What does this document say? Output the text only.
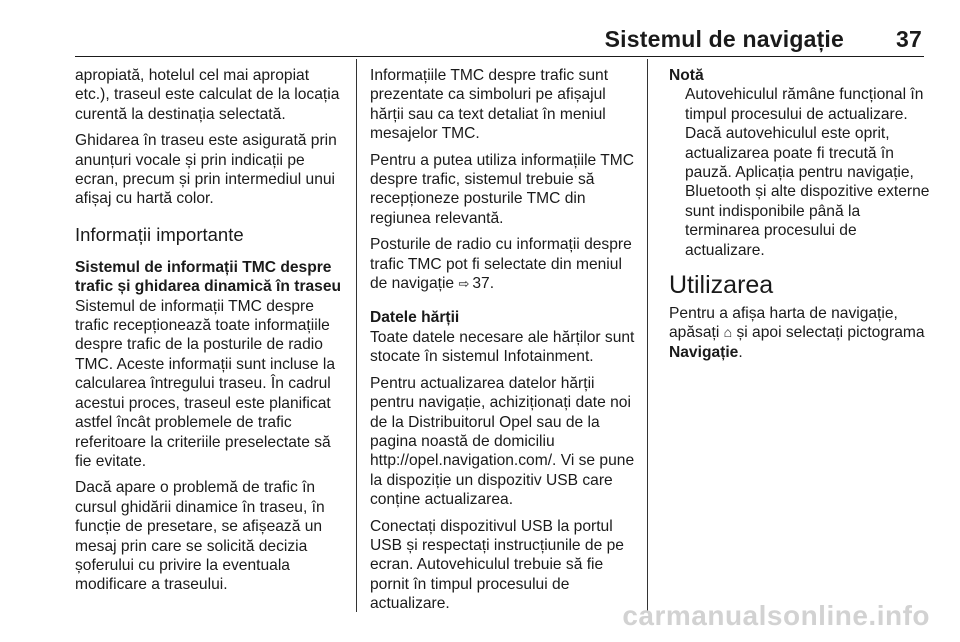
Sistemul de navigație 37

apropiată, hotelul cel mai apropiat etc.), traseul este calculat de la locația curentă la destinația selectată.

Ghidarea în traseu este asigurată prin anunțuri vocale și prin indicații pe ecran, precum și prin intermediul unui afișaj cu hartă color.

Informații importante
Sistemul de informații TMC despre trafic și ghidarea dinamică în traseu

Sistemul de informații TMC despre trafic recepționează toate informațiile despre trafic de la posturile de radio TMC. Aceste informații sunt incluse la calcularea întregului traseu. În cadrul acestui proces, traseul este planificat astfel încât problemele de trafic referitoare la criteriile preselectate să fie evitate.

Dacă apare o problemă de trafic în cursul ghidării dinamice în traseu, în funcție de presetare, se afișează un mesaj prin care se solicită decizia șoferului cu privire la eventuala modificare a traseului.

Informațiile TMC despre trafic sunt prezentate ca simboluri pe afișajul hărții sau ca text detaliat în meniul mesajelor TMC.

Pentru a putea utiliza informațiile TMC despre trafic, sistemul trebuie să recepționeze posturile TMC din regiunea relevantă.

Posturile de radio cu informații despre trafic TMC pot fi selectate din meniul de navigație ⇨ 37.

Datele hărții

Toate datele necesare ale hărților sunt stocate în sistemul Infotainment.

Pentru actualizarea datelor hărții pentru navigație, achiziționați date noi de la Distribuitorul Opel sau de la pagina noastă de domiciliu http://opel.navigation.com/. Vi se pune la dispoziție un dispozitiv USB care conține actualizarea.

Conectați dispozitivul USB la portul USB și respectați instrucțiunile de pe ecran. Autovehiculul trebuie să fie pornit în timpul procesului de actualizare.

Notă

Autovehiculul rămâne funcțional în timpul procesului de actualizare. Dacă autovehiculul este oprit, actualizarea poate fi trecută în pauză. Aplicația pentru navigație, Bluetooth și alte dispozitive externe sunt indisponibile până la terminarea procesului de actualizare.

Utilizarea

Pentru a afișa harta de navigație, apăsați ⌂ și apoi selectați pictograma Navigație.

carmanualsonline.info
